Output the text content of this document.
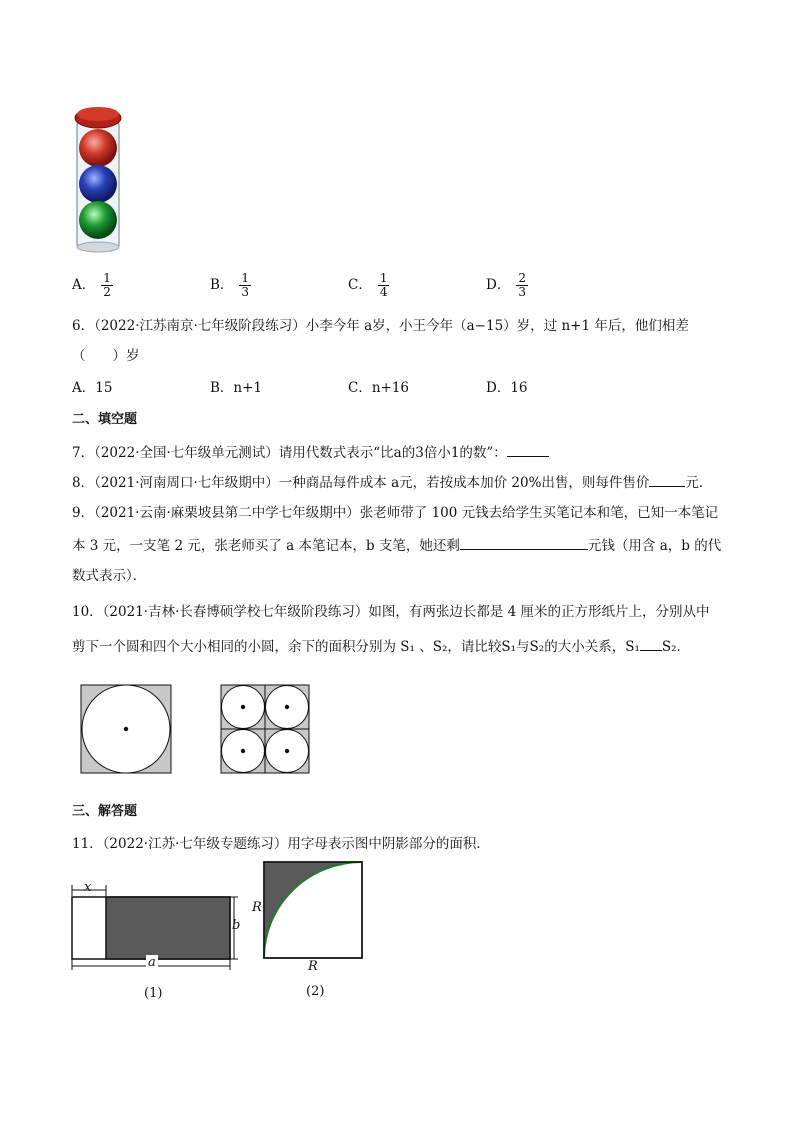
A． $\frac{1}{2}$	B． $\frac{1}{3}$	C． $\frac{1}{4}$	D． $\frac{2}{3}$
6．（2022·江苏南京·七年级阶段练习）小李今年 a岁，小王今年（a−15）岁，过 n+1 年后，他们相差
（　　）岁
A．15	B．n+1	C．n+16	D．16
二、填空题
7．（2022·全国·七年级单元测试）请用代数式表示“比a的3倍小1的数”：
8．（2021·河南周口·七年级期中）一种商品每件成本 a元，若按成本加价 20%出售，则每件售价	元．
9．（2021·云南·麻栗坡县第二中学七年级期中）张老师带了 100 元钱去给学生买笔记本和笔，已知一本笔记
本 3 元，一支笔 2 元，张老师买了 a 本笔记本，b 支笔，她还剩	元钱（用含 a，b 的代
数式表示）．
10．（2021·吉林·长春博硕学校七年级阶段练习）如图，有两张边长都是 4 厘米的正方形纸片上，分别从中
剪下一个圆和四个大小相同的小圆，余下的面积分别为 S₁ 、S₂，请比较S₁与S₂的大小关系，S₁ S₂．
三、解答题
11．（2022·江苏·七年级专题练习）用字母表示图中阴影部分的面积．
x
b
a
(1)
R
R
(2)
